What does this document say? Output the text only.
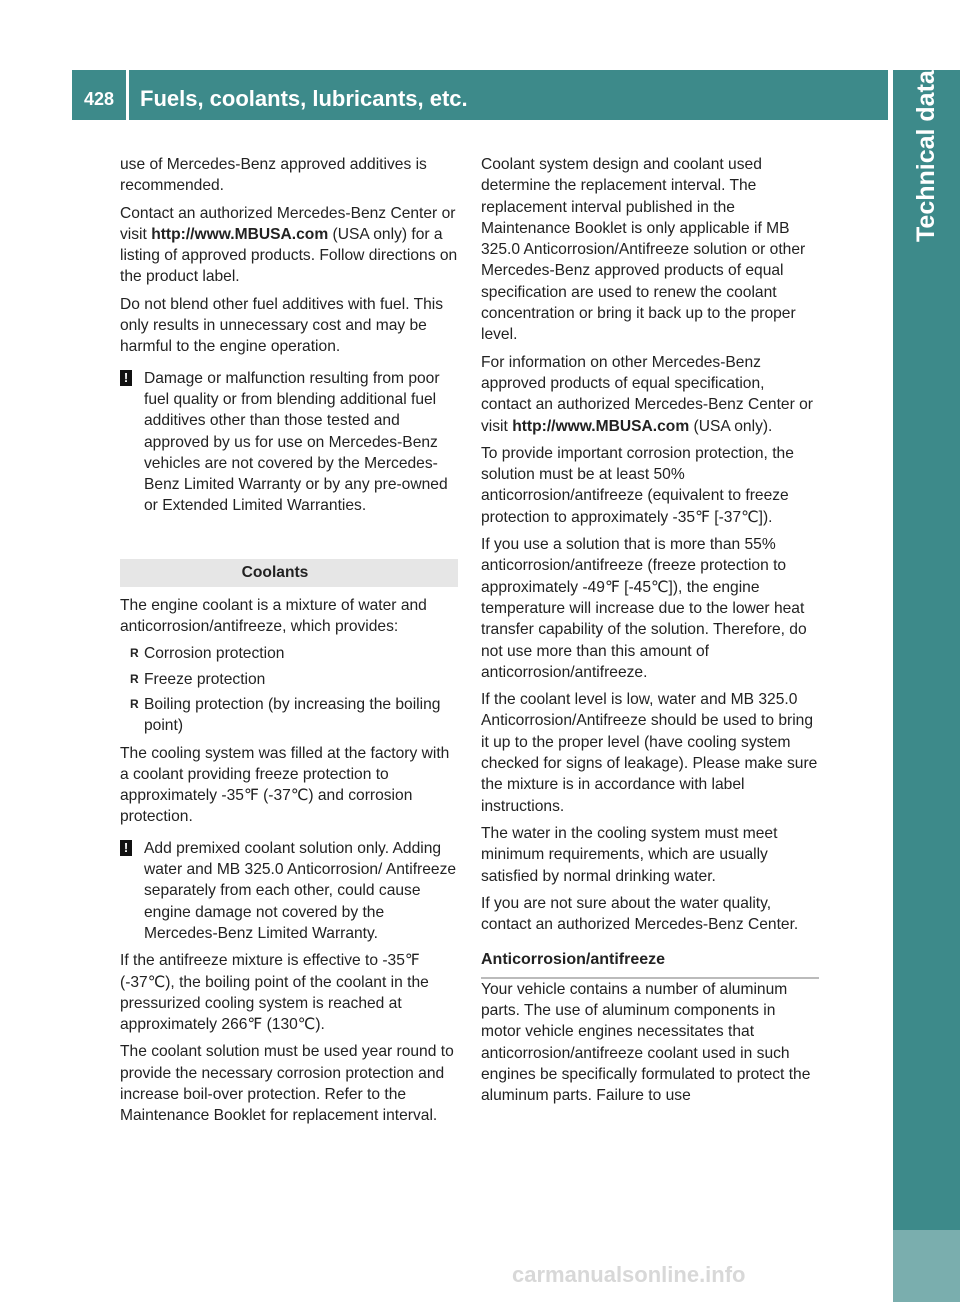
428	Fuels, coolants, lubricants, etc.	Technical data

use of Mercedes-Benz approved additives is recommended.

Contact an authorized Mercedes-Benz Center or visit http://www.MBUSA.com (USA only) for a listing of approved products. Follow directions on the product label.

Do not blend other fuel additives with fuel. This only results in unnecessary cost and may be harmful to the engine operation.

! Damage or malfunction resulting from poor fuel quality or from blending additional fuel additives other than those tested and approved by us for use on Mercedes-Benz vehicles are not covered by the Mercedes-Benz Limited Warranty or by any pre-owned or Extended Limited Warranties.
Coolants

The engine coolant is a mixture of water and anticorrosion/antifreeze, which provides:

R Corrosion protection
R Freeze protection
R Boiling protection (by increasing the boiling point)

The cooling system was filled at the factory with a coolant providing freeze protection to approximately -35℉ (-37℃) and corrosion protection.

! Add premixed coolant solution only. Adding water and MB 325.0 Anticorrosion/ Antifreeze separately from each other, could cause engine damage not covered by the Mercedes-Benz Limited Warranty.

If the antifreeze mixture is effective to -35℉ (-37℃), the boiling point of the coolant in the pressurized cooling system is reached at approximately 266℉ (130℃).

The coolant solution must be used year round to provide the necessary corrosion protection and increase boil-over protection. Refer to the Maintenance Booklet for replacement interval.

Coolant system design and coolant used determine the replacement interval. The replacement interval published in the Maintenance Booklet is only applicable if MB 325.0 Anticorrosion/Antifreeze solution or other Mercedes-Benz approved products of equal specification are used to renew the coolant concentration or bring it back up to the proper level.

For information on other Mercedes-Benz approved products of equal specification, contact an authorized Mercedes-Benz Center or visit http://www.MBUSA.com (USA only).

To provide important corrosion protection, the solution must be at least 50% anticorrosion/antifreeze (equivalent to freeze protection to approximately -35℉ [-37℃]).

If you use a solution that is more than 55% anticorrosion/antifreeze (freeze protection to approximately -49℉ [-45℃]), the engine temperature will increase due to the lower heat transfer capability of the solution. Therefore, do not use more than this amount of anticorrosion/antifreeze.

If the coolant level is low, water and MB 325.0 Anticorrosion/Antifreeze should be used to bring it up to the proper level (have cooling system checked for signs of leakage). Please make sure the mixture is in accordance with label instructions.

The water in the cooling system must meet minimum requirements, which are usually satisfied by normal drinking water.

If you are not sure about the water quality, contact an authorized Mercedes-Benz Center.

Anticorrosion/antifreeze

Your vehicle contains a number of aluminum parts. The use of aluminum components in motor vehicle engines necessitates that anticorrosion/antifreeze coolant used in such engines be specifically formulated to protect the aluminum parts. Failure to use

carmanualsonline.info
